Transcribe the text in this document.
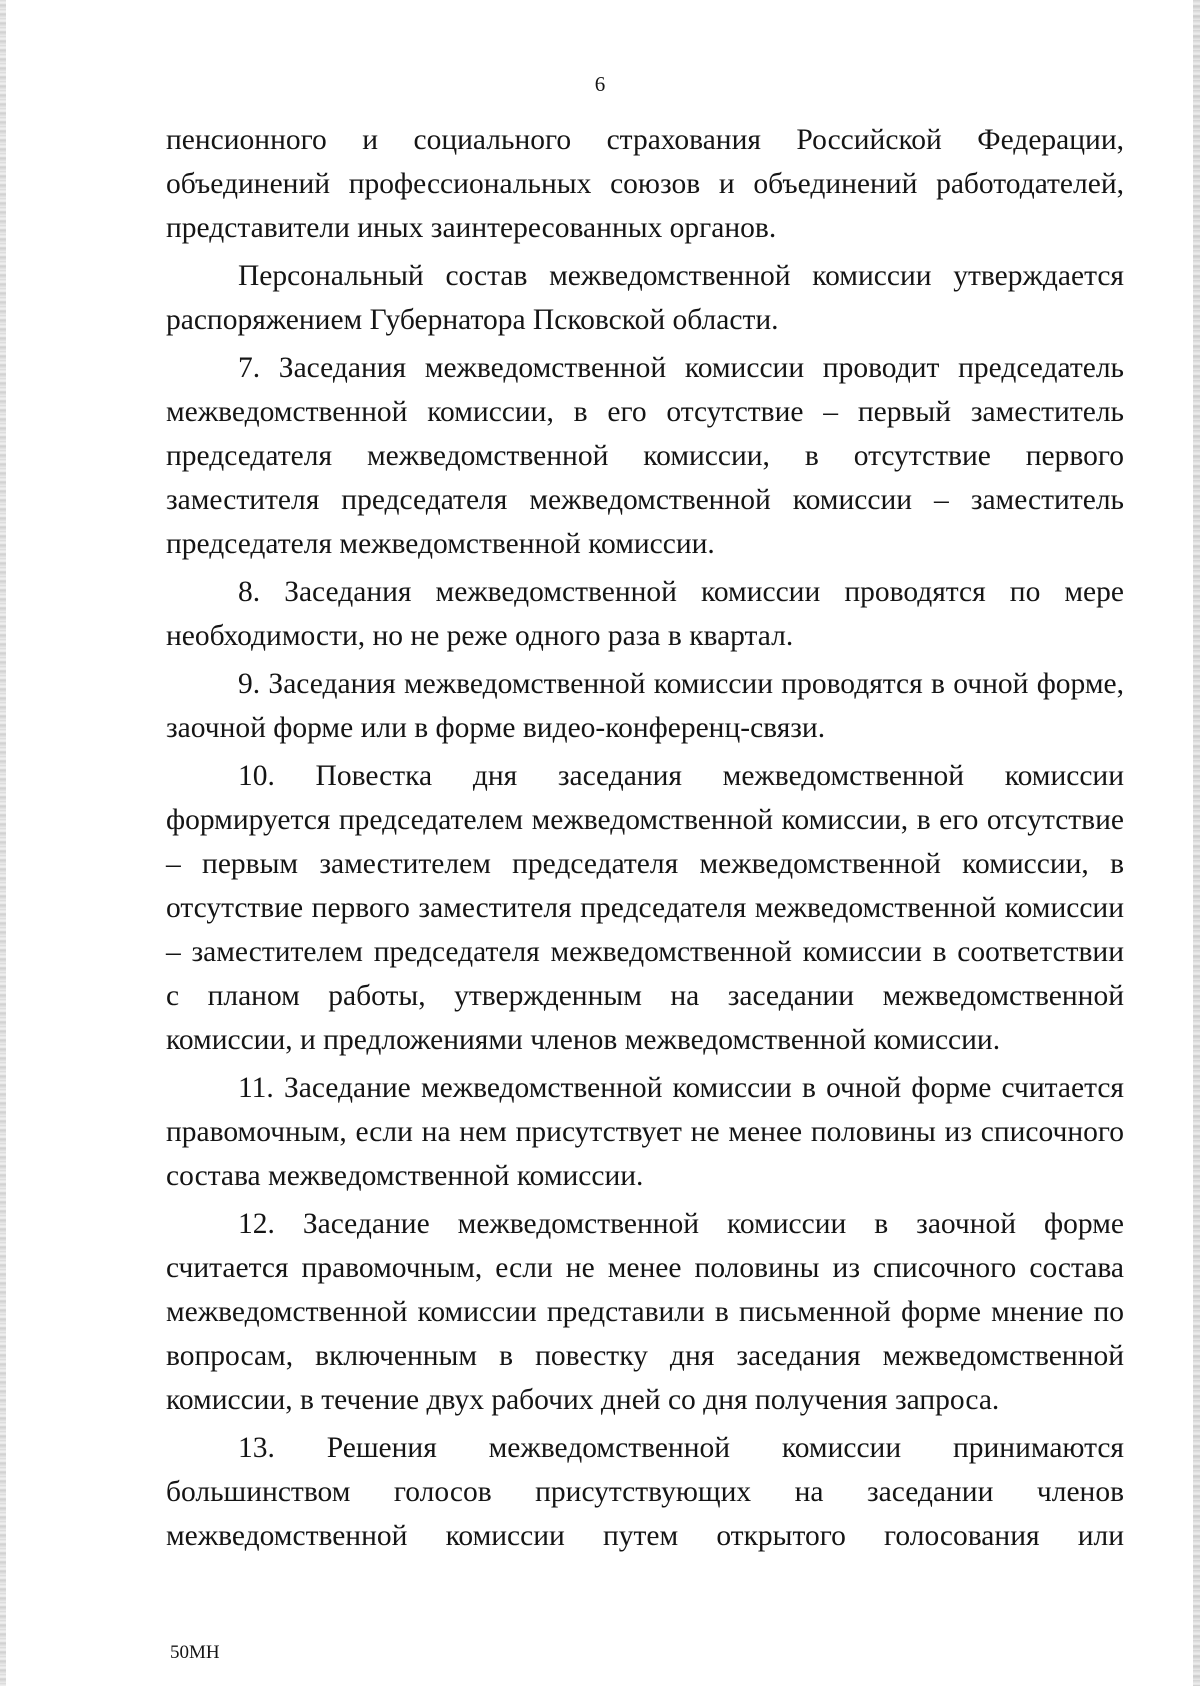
6

пенсионного и социального страхования Российской Федерации, объединений профессиональных союзов и объединений работодателей, представители иных заинтересованных органов.

Персональный состав межведомственной комиссии утверждается распоряжением Губернатора Псковской области.

7. Заседания межведомственной комиссии проводит председатель межведомственной комиссии, в его отсутствие – первый заместитель председателя межведомственной комиссии, в отсутствие первого заместителя председателя межведомственной комиссии – заместитель председателя межведомственной комиссии.

8. Заседания межведомственной комиссии проводятся по мере необходимости, но не реже одного раза в квартал.

9. Заседания межведомственной комиссии проводятся в очной форме, заочной форме или в форме видео-конференц-связи.

10. Повестка дня заседания межведомственной комиссии формируется председателем межведомственной комиссии, в его отсутствие – первым заместителем председателя межведомственной комиссии, в отсутствие первого заместителя председателя межведомственной комиссии – заместителем председателя межведомственной комиссии в соответствии с планом работы, утвержденным на заседании межведомственной комиссии, и предложениями членов межведомственной комиссии.

11. Заседание межведомственной комиссии в очной форме считается правомочным, если на нем присутствует не менее половины из списочного состава межведомственной комиссии.

12. Заседание межведомственной комиссии в заочной форме считается правомочным, если не менее половины из списочного состава межведомственной комиссии представили в письменной форме мнение по вопросам, включенным в повестку дня заседания межведомственной комиссии, в течение двух рабочих дней со дня получения запроса.

13. Решения межведомственной комиссии принимаются большинством голосов присутствующих на заседании членов межведомственной комиссии путем открытого голосования или

50МН
